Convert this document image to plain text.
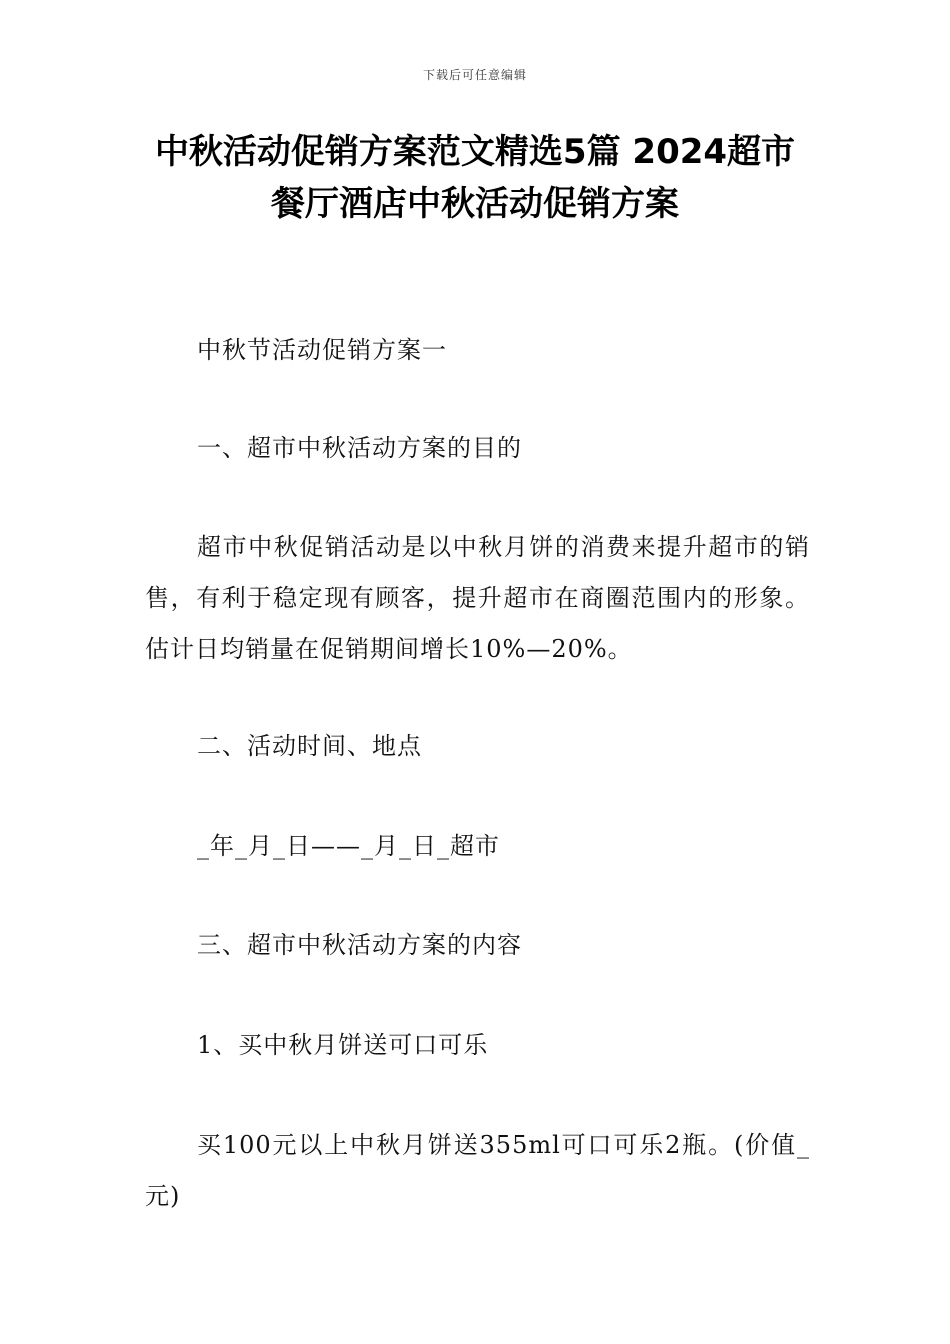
下载后可任意编辑
中秋活动促销方案范文精选5篇 2024超市餐厅酒店中秋活动促销方案

中秋节活动促销方案一

一、超市中秋活动方案的目的

超市中秋促销活动是以中秋月饼的消费来提升超市的销售，有利于稳定现有顾客，提升超市在商圈范围内的形象。估计日均销量在促销期间增长10%—20%。

二、活动时间、地点

_年_月_日——_月_日_超市

三、超市中秋活动方案的内容

1、买中秋月饼送可口可乐

买100元以上中秋月饼送355ml可口可乐2瓶。(价值_元)
